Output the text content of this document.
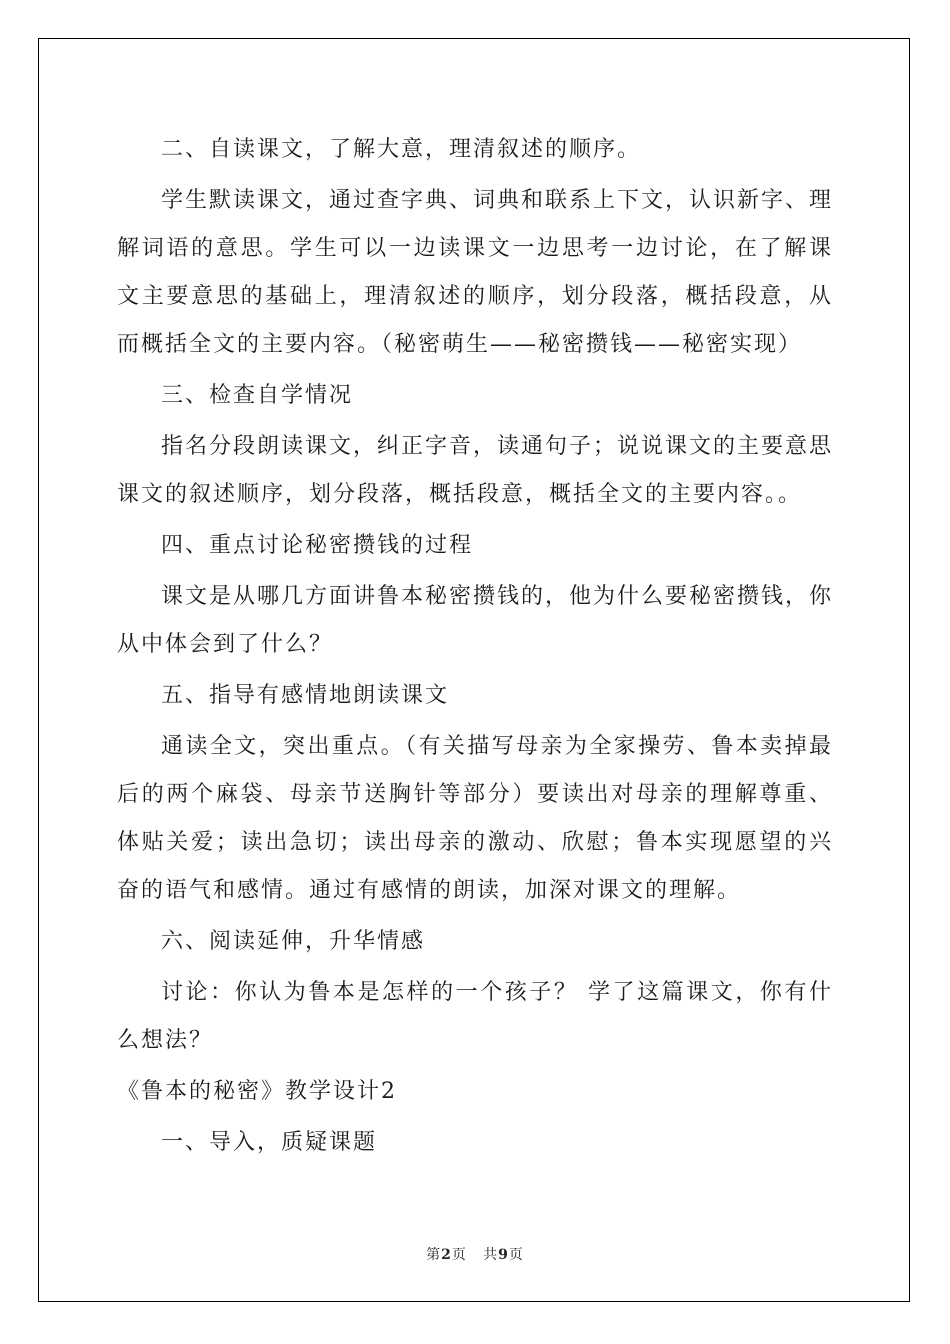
二、自读课文，了解大意，理清叙述的顺序。

学生默读课文，通过查字典、词典和联系上下文，认识新字、理解词语的意思。学生可以一边读课文一边思考一边讨论，在了解课文主要意思的基础上，理清叙述的顺序，划分段落，概括段意，从而概括全文的主要内容。（秘密萌生——秘密攒钱——秘密实现）

三、检查自学情况

指名分段朗读课文，纠正字音，读通句子；说说课文的主要意思课文的叙述顺序，划分段落，概括段意，概括全文的主要内容。。

四、重点讨论秘密攒钱的过程

课文是从哪几方面讲鲁本秘密攒钱的，他为什么要秘密攒钱，你从中体会到了什么？

五、指导有感情地朗读课文

通读全文，突出重点。（有关描写母亲为全家操劳、鲁本卖掉最后的两个麻袋、母亲节送胸针等部分）要读出对母亲的理解尊重、体贴关爱；读出急切；读出母亲的激动、欣慰；鲁本实现愿望的兴奋的语气和感情。通过有感情的朗读，加深对课文的理解。

六、阅读延伸，升华情感

讨论：你认为鲁本是怎样的一个孩子？ 学了这篇课文，你有什么想法？

《鲁本的秘密》教学设计2

一、导入，质疑课题

第2页 共9页
